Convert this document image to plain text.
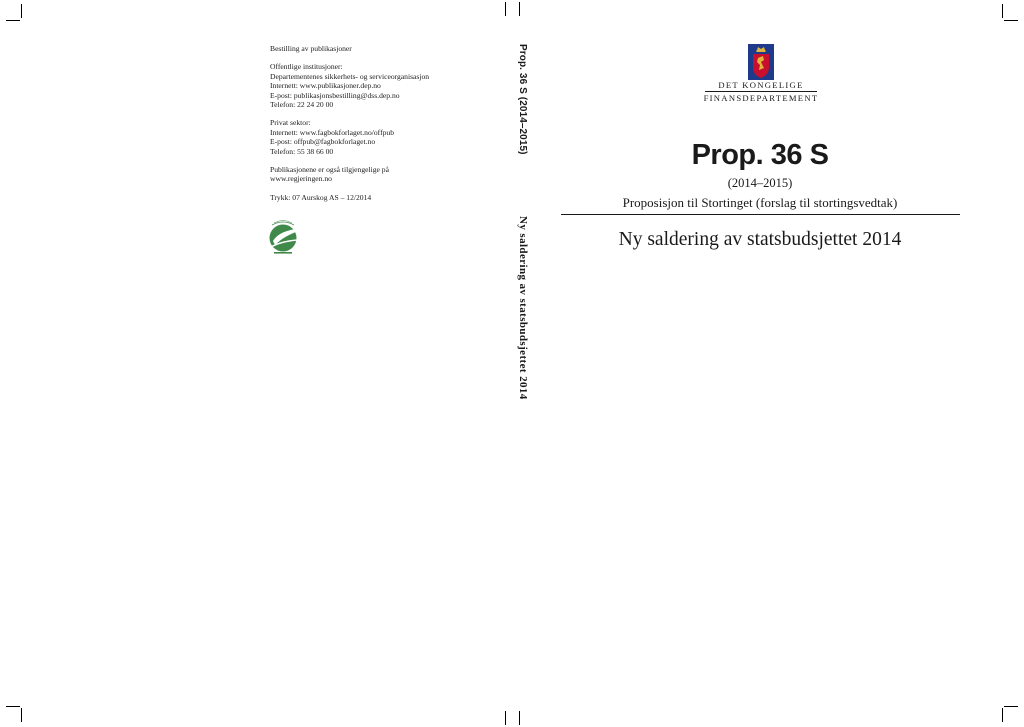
Bestilling av publikasjoner
Offentlige institusjoner:
Departementenes sikkerhets- og serviceorganisasjon
Internett: www.publikasjoner.dep.no
E-post: publikasjonsbestilling@dss.dep.no
Telefon: 22 24 20 00
Privat sektor:
Internett: www.fagbokforlaget.no/offpub
E-post: offpub@fagbokforlaget.no
Telefon: 55 38 66 00
Publikasjonene er også tilgjengelige på
www.regjeringen.no
Trykk: 07 Aurskog AS – 12/2014
Prop. 36 S (2014–2015)
Ny saldering av statsbudsjettet 2014
DET KONGELIGE
FINANSDEPARTEMENT
Prop. 36 S
(2014–2015)
Proposisjon til Stortinget (forslag til stortingsvedtak)
Ny saldering av statsbudsjettet 2014
